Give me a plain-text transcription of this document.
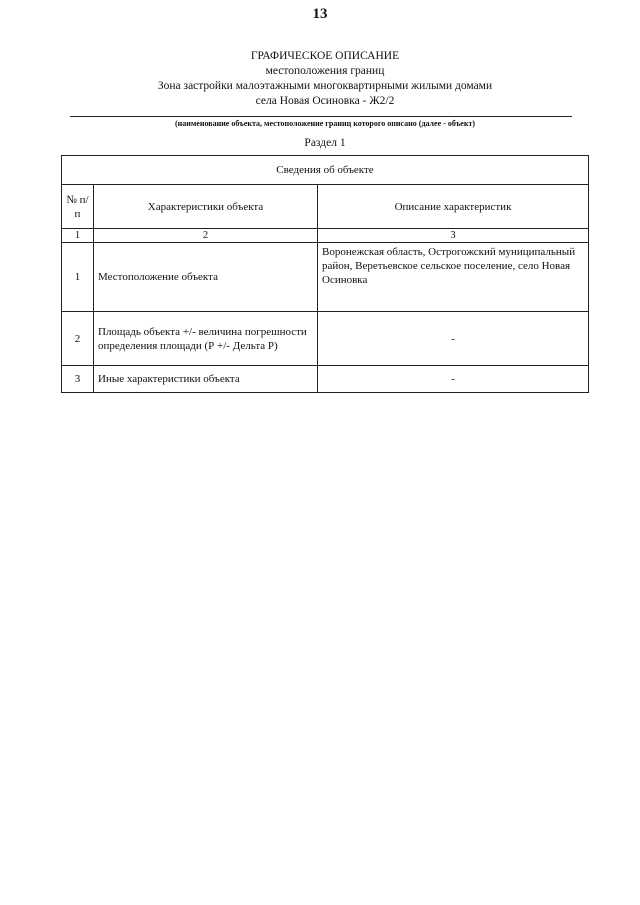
13
ГРАФИЧЕСКОЕ ОПИСАНИЕ
местоположения границ
Зона застройки малоэтажными многоквартирными жилыми домами
села Новая Осиновка - Ж2/2
(наименование объекта, местоположение границ которого описано (далее - объект)
Раздел 1
Сведения об объекте		
№ п/п	Характеристики объекта	Описание характеристик
1	2	3
1	Местоположение объекта	Воронежская область, Острогожский муниципальный район, Веретьевское сельское поселение, село Новая Осиновка
2	Площадь объекта +/- величина погрешности определения площади (Р +/- Дельта Р)	-
3	Иные характеристики объекта	-
